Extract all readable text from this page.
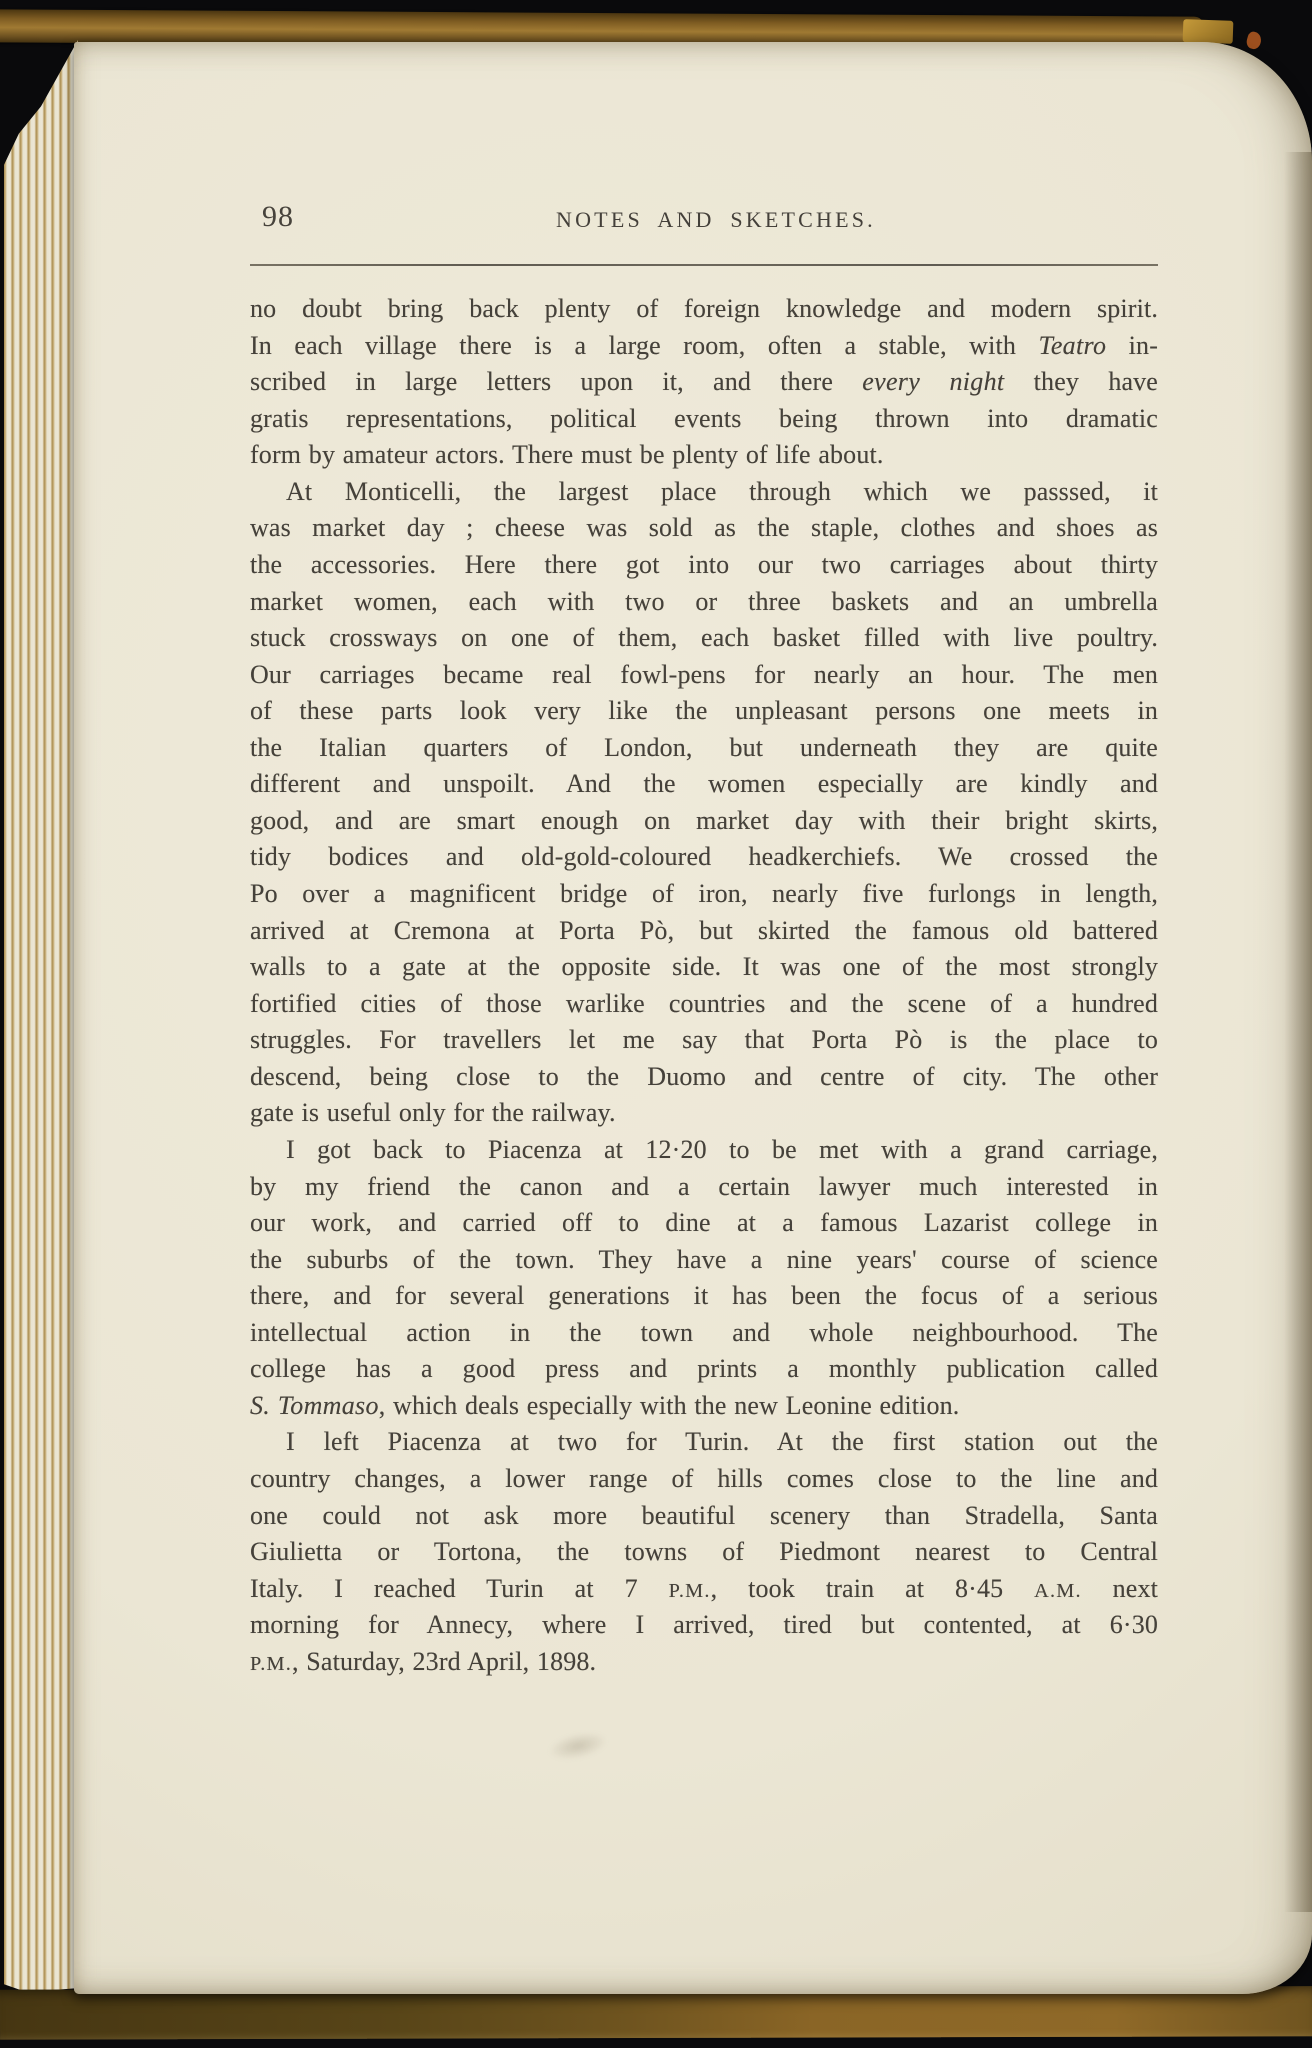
98	NOTES AND SKETCHES.
no doubt bring back plenty of foreign knowledge and modern spirit.
In each village there is a large room, often a stable, with Teatro in-
scribed in large letters upon it, and there every night they have
gratis representations, political events being thrown into dramatic
form by amateur actors. There must be plenty of life about.
At Monticelli, the largest place through which we passsed, it
was market day ; cheese was sold as the staple, clothes and shoes as
the accessories. Here there got into our two carriages about thirty
market women, each with two or three baskets and an umbrella
stuck crossways on one of them, each basket filled with live poultry.
Our carriages became real fowl-pens for nearly an hour. The men
of these parts look very like the unpleasant persons one meets in
the Italian quarters of London, but underneath they are quite
different and unspoilt. And the women especially are kindly and
good, and are smart enough on market day with their bright skirts,
tidy bodices and old-gold-coloured headkerchiefs. We crossed the
Po over a magnificent bridge of iron, nearly five furlongs in length,
arrived at Cremona at Porta Pò, but skirted the famous old battered
walls to a gate at the opposite side. It was one of the most strongly
fortified cities of those warlike countries and the scene of a hundred
struggles. For travellers let me say that Porta Pò is the place to
descend, being close to the Duomo and centre of city. The other
gate is useful only for the railway.
I got back to Piacenza at 12·20 to be met with a grand carriage,
by my friend the canon and a certain lawyer much interested in
our work, and carried off to dine at a famous Lazarist college in
the suburbs of the town. They have a nine years' course of science
there, and for several generations it has been the focus of a serious
intellectual action in the town and whole neighbourhood. The
college has a good press and prints a monthly publication called
S. Tommaso, which deals especially with the new Leonine edition.
I left Piacenza at two for Turin. At the first station out the
country changes, a lower range of hills comes close to the line and
one could not ask more beautiful scenery than Stradella, Santa
Giulietta or Tortona, the towns of Piedmont nearest to Central
Italy. I reached Turin at 7 P.M., took train at 8·45 A.M. next
morning for Annecy, where I arrived, tired but contented, at 6·30
P.M., Saturday, 23rd April, 1898.
